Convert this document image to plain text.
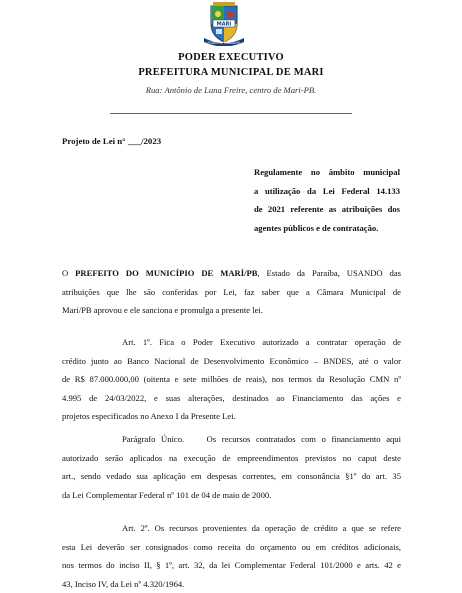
MARI
PODER & TRABALHO
PODER EXECUTIVO
PREFEITURA MUNICIPAL DE MARI
Rua: Antônio de Luna Freire, centro de Mari-PB.
Projeto de Lei n° ___/2023
Regulamente no âmbito municipal
a utilização da Lei Federal 14.133
de 2021 referente as atribuições dos
agentes públicos e de contratação.
O PREFEITO DO MUNICÍPIO DE MARÍ/PB, Estado da Paraíba, USANDO das
atribuições que lhe são conferidas por Lei, faz saber que a Câmara Municipal de
Mari/PB aprovou e ele sanciona e promulga a presente lei.
Art. 1º. Fica o Poder Executivo autorizado a contratar operação de
crédito junto ao Banco Nacional de Desenvolvimento Econômico – BNDES, até o valor
de R$ 87.000.000,00 (oitenta e sete milhões de reais), nos termos da Resolução CMN nº
4.995 de 24/03/2022, e suas alterações, destinados ao Financiamento das ações e
projetos especificados no Anexo I da Presente Lei.
Parágrafo Único.    Os recursos contratados com o financiamento aqui
autorizado serão aplicados na execução de empreendimentos previstos no caput deste
art., sendo vedado sua aplicação em despesas correntes, em consonância §1º do art. 35
da Lei Complementar Federal nº 101 de 04 de maio de 2000.
Art. 2º. Os recursos provenientes da operação de crédito a que se refere
esta Lei deverão ser consignados como receita do orçamento ou em créditos adicionais,
nos termos do inciso II, § 1º, art. 32, da lei Complementar Federal 101/2000 e arts. 42 e
43, Inciso IV, da Lei nº 4.320/1964.
